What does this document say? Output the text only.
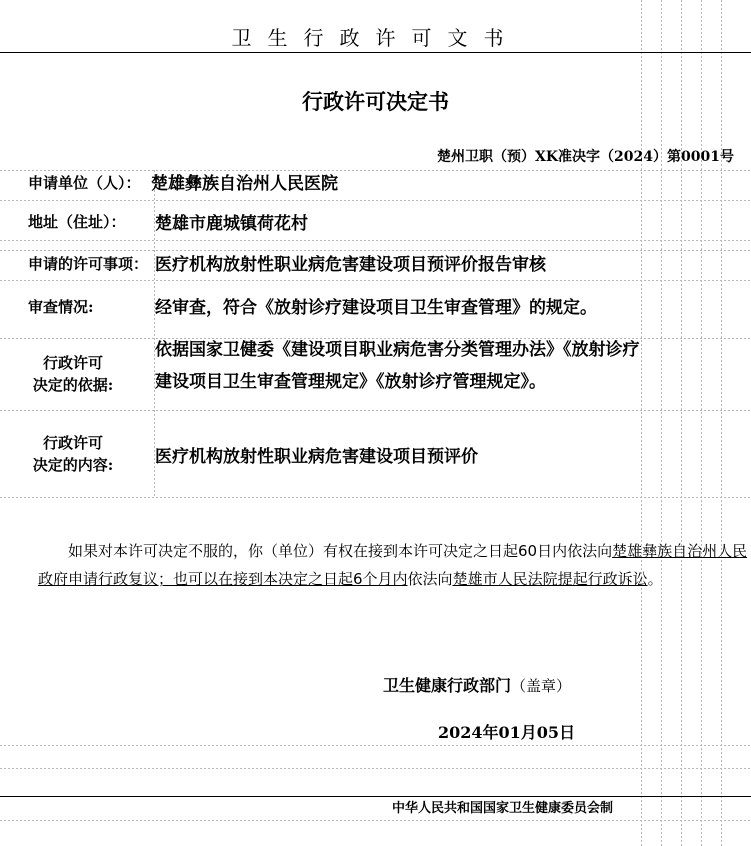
卫生行政许可文书
行政许可决定书
楚州卫职（预）XK准决字（2024）第0001号
申请单位（人）： 楚雄彝族自治州人民医院
地址（住址）： 楚雄市鹿城镇荷花村
申请的许可事项： 医疗机构放射性职业病危害建设项目预评价报告审核
审查情况:	经审查，符合《放射诊疗建设项目卫生审查管理》的规定。
行政许可
决定的依据:
依据国家卫健委《建设项目职业病危害分类管理办法》《放射诊疗建设项目卫生审查管理规定》《放射诊疗管理规定》。
行政许可
决定的内容: 医疗机构放射性职业病危害建设项目预评价
如果对本许可决定不服的，你（单位）有权在接到本许可决定之日起60日内依法向楚雄彝族自治州人民政府申请行政复议；也可以在接到本决定之日起6个月内依法向楚雄市人民法院提起行政诉讼。
卫生健康行政部门（盖章）
2024年01月05日
中华人民共和国国家卫生健康委员会制
